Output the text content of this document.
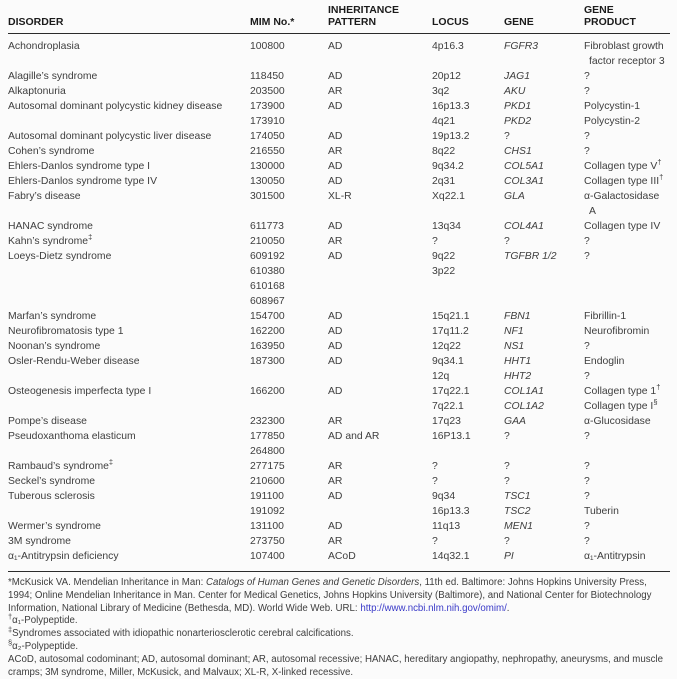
DISORDER	MIM No.*	INHERITANCE PATTERN	LOCUS	GENE	GENE PRODUCT
Achondroplasia	100800	AD	4p16.3	FGFR3	Fibroblast growth factor receptor 3
Alagille’s syndrome	118450	AD	20p12	JAG1	?
Alkaptonuria	203500	AR	3q2	AKU	?
Autosomal dominant polycystic kidney disease	173900	AD	16p13.3	PKD1	Polycystin-1
	173910		4q21	PKD2	Polycystin-2
Autosomal dominant polycystic liver disease	174050	AD	19p13.2	?	?
Cohen’s syndrome	216550	AR	8q22	CHS1	?
Ehlers-Danlos syndrome type I	130000	AD	9q34.2	COL5A1	Collagen type V†
Ehlers-Danlos syndrome type IV	130050	AD	2q31	COL3A1	Collagen type III†
Fabry’s disease	301500	XL-R	Xq22.1	GLA	α-Galactosidase A
HANAC syndrome	611773	AD	13q34	COL4A1	Collagen type IV
Kahn’s syndrome‡	210050	AR	?	?	?
Loeys-Dietz syndrome	609192	AD	9q22	TGFBR 1/2	?
	610380		3p22		
	610168				
	608967				
Marfan’s syndrome	154700	AD	15q21.1	FBN1	Fibrillin-1
Neurofibromatosis type 1	162200	AD	17q11.2	NF1	Neurofibromin
Noonan’s syndrome	163950	AD	12q22	NS1	?
Osler-Rendu-Weber disease	187300	AD	9q34.1	HHT1	Endoglin
			12q	HHT2	?
Osteogenesis imperfecta type I	166200	AD	17q22.1	COL1A1	Collagen type 1†
			7q22.1	COL1A2	Collagen type I§
Pompe’s disease	232300	AR	17q23	GAA	α-Glucosidase
Pseudoxanthoma elasticum	177850	AD and AR	16P13.1	?	?
	264800				
Rambaud’s syndrome‡	277175	AR	?	?	?
Seckel’s syndrome	210600	AR	?	?	?
Tuberous sclerosis	191100	AD	9q34	TSC1	?
	191092		16p13.3	TSC2	Tuberin
Wermer’s syndrome	131100	AD	11q13	MEN1	?
3M syndrome	273750	AR	?	?	?
α₁-Antitrypsin deficiency	107400	ACoD	14q32.1	PI	α₁-Antitrypsin

*McKusick VA. Mendelian Inheritance in Man: Catalogs of Human Genes and Genetic Disorders, 11th ed. Baltimore: Johns Hopkins University Press, 1994; Online Mendelian Inheritance in Man. Center for Medical Genetics, Johns Hopkins University (Baltimore), and National Center for Biotechnology Information, National Library of Medicine (Bethesda, MD). World Wide Web. URL: http://www.ncbi.nlm.nih.gov/omim/.

†α₁-Polypeptide.

‡Syndromes associated with idiopathic nonarteriosclerotic cerebral calcifications.

§α₂-Polypeptide.

ACoD, autosomal codominant; AD, autosomal dominant; AR, autosomal recessive; HANAC, hereditary angiopathy, nephropathy, aneurysms, and muscle cramps; 3M syndrome, Miller, McKusick, and Malvaux; XL-R, X-linked recessive.
